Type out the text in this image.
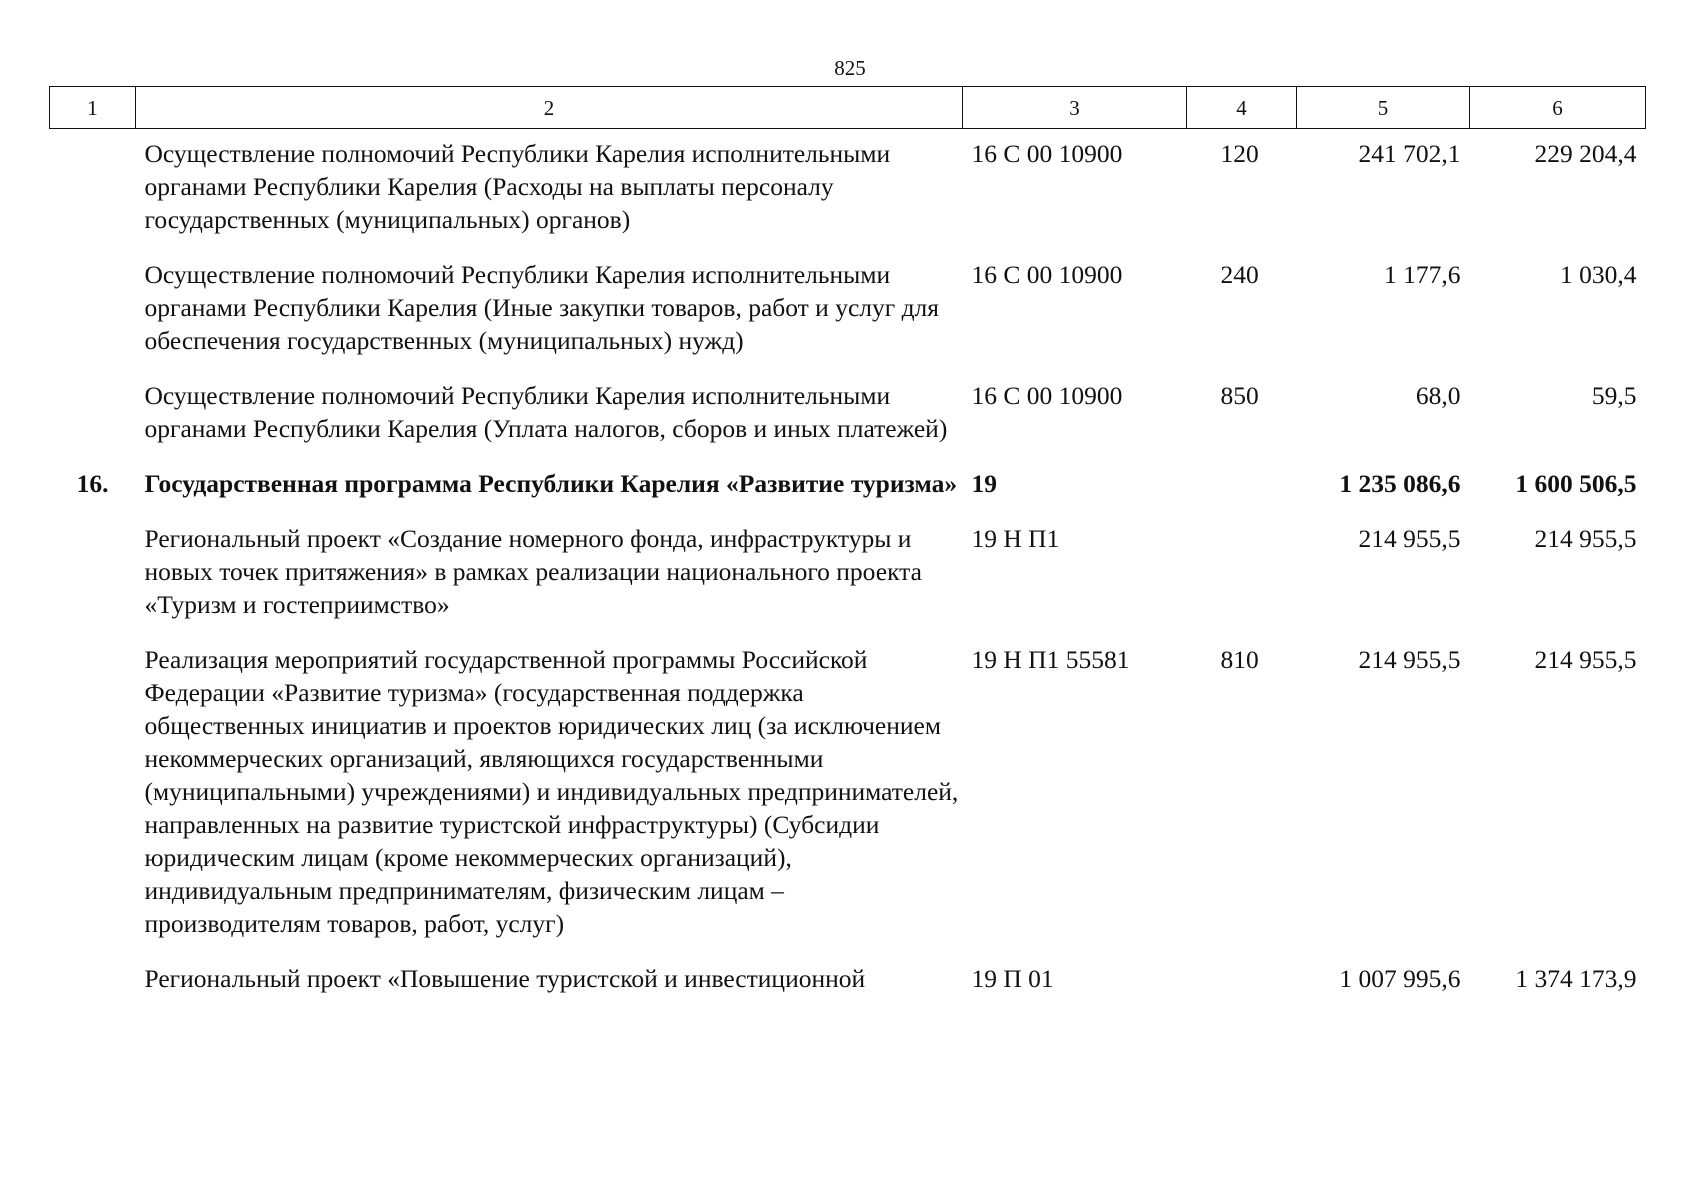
825
1	2	3	4	5	6
	Осуществление полномочий Республики Карелия исполнительными органами Республики Карелия (Расходы на выплаты персоналу государственных (муниципальных) органов)	16 С 00 10900	120	241 702,1	229 204,4
	Осуществление полномочий Республики Карелия исполнительными органами Республики Карелия (Иные закупки товаров, работ и услуг для обеспечения государственных (муниципальных) нужд)	16 С 00 10900	240	1 177,6	1 030,4
	Осуществление полномочий Республики Карелия исполнительными органами Республики Карелия (Уплата налогов, сборов и иных платежей)	16 С 00 10900	850	68,0	59,5
16.	Государственная программа Республики Карелия «Развитие туризма»	19		1 235 086,6	1 600 506,5
	Региональный проект «Создание номерного фонда, инфраструктуры и новых точек притяжения» в рамках реализации национального проекта «Туризм и гостеприимство»	19 Н П1		214 955,5	214 955,5
	Реализация мероприятий государственной программы Российской Федерации «Развитие туризма» (государственная поддержка общественных инициатив и проектов юридических лиц (за исключением некоммерческих организаций, являющихся государственными (муниципальными) учреждениями) и индивидуальных предпринимателей, направленных на развитие туристской инфраструктуры) (Субсидии юридическим лицам (кроме некоммерческих организаций), индивидуальным предпринимателям, физическим лицам – производителям товаров, работ, услуг)	19 Н П1 55581	810	214 955,5	214 955,5
	Региональный проект «Повышение туристской и инвестиционной	19 П 01		1 007 995,6	1 374 173,9
